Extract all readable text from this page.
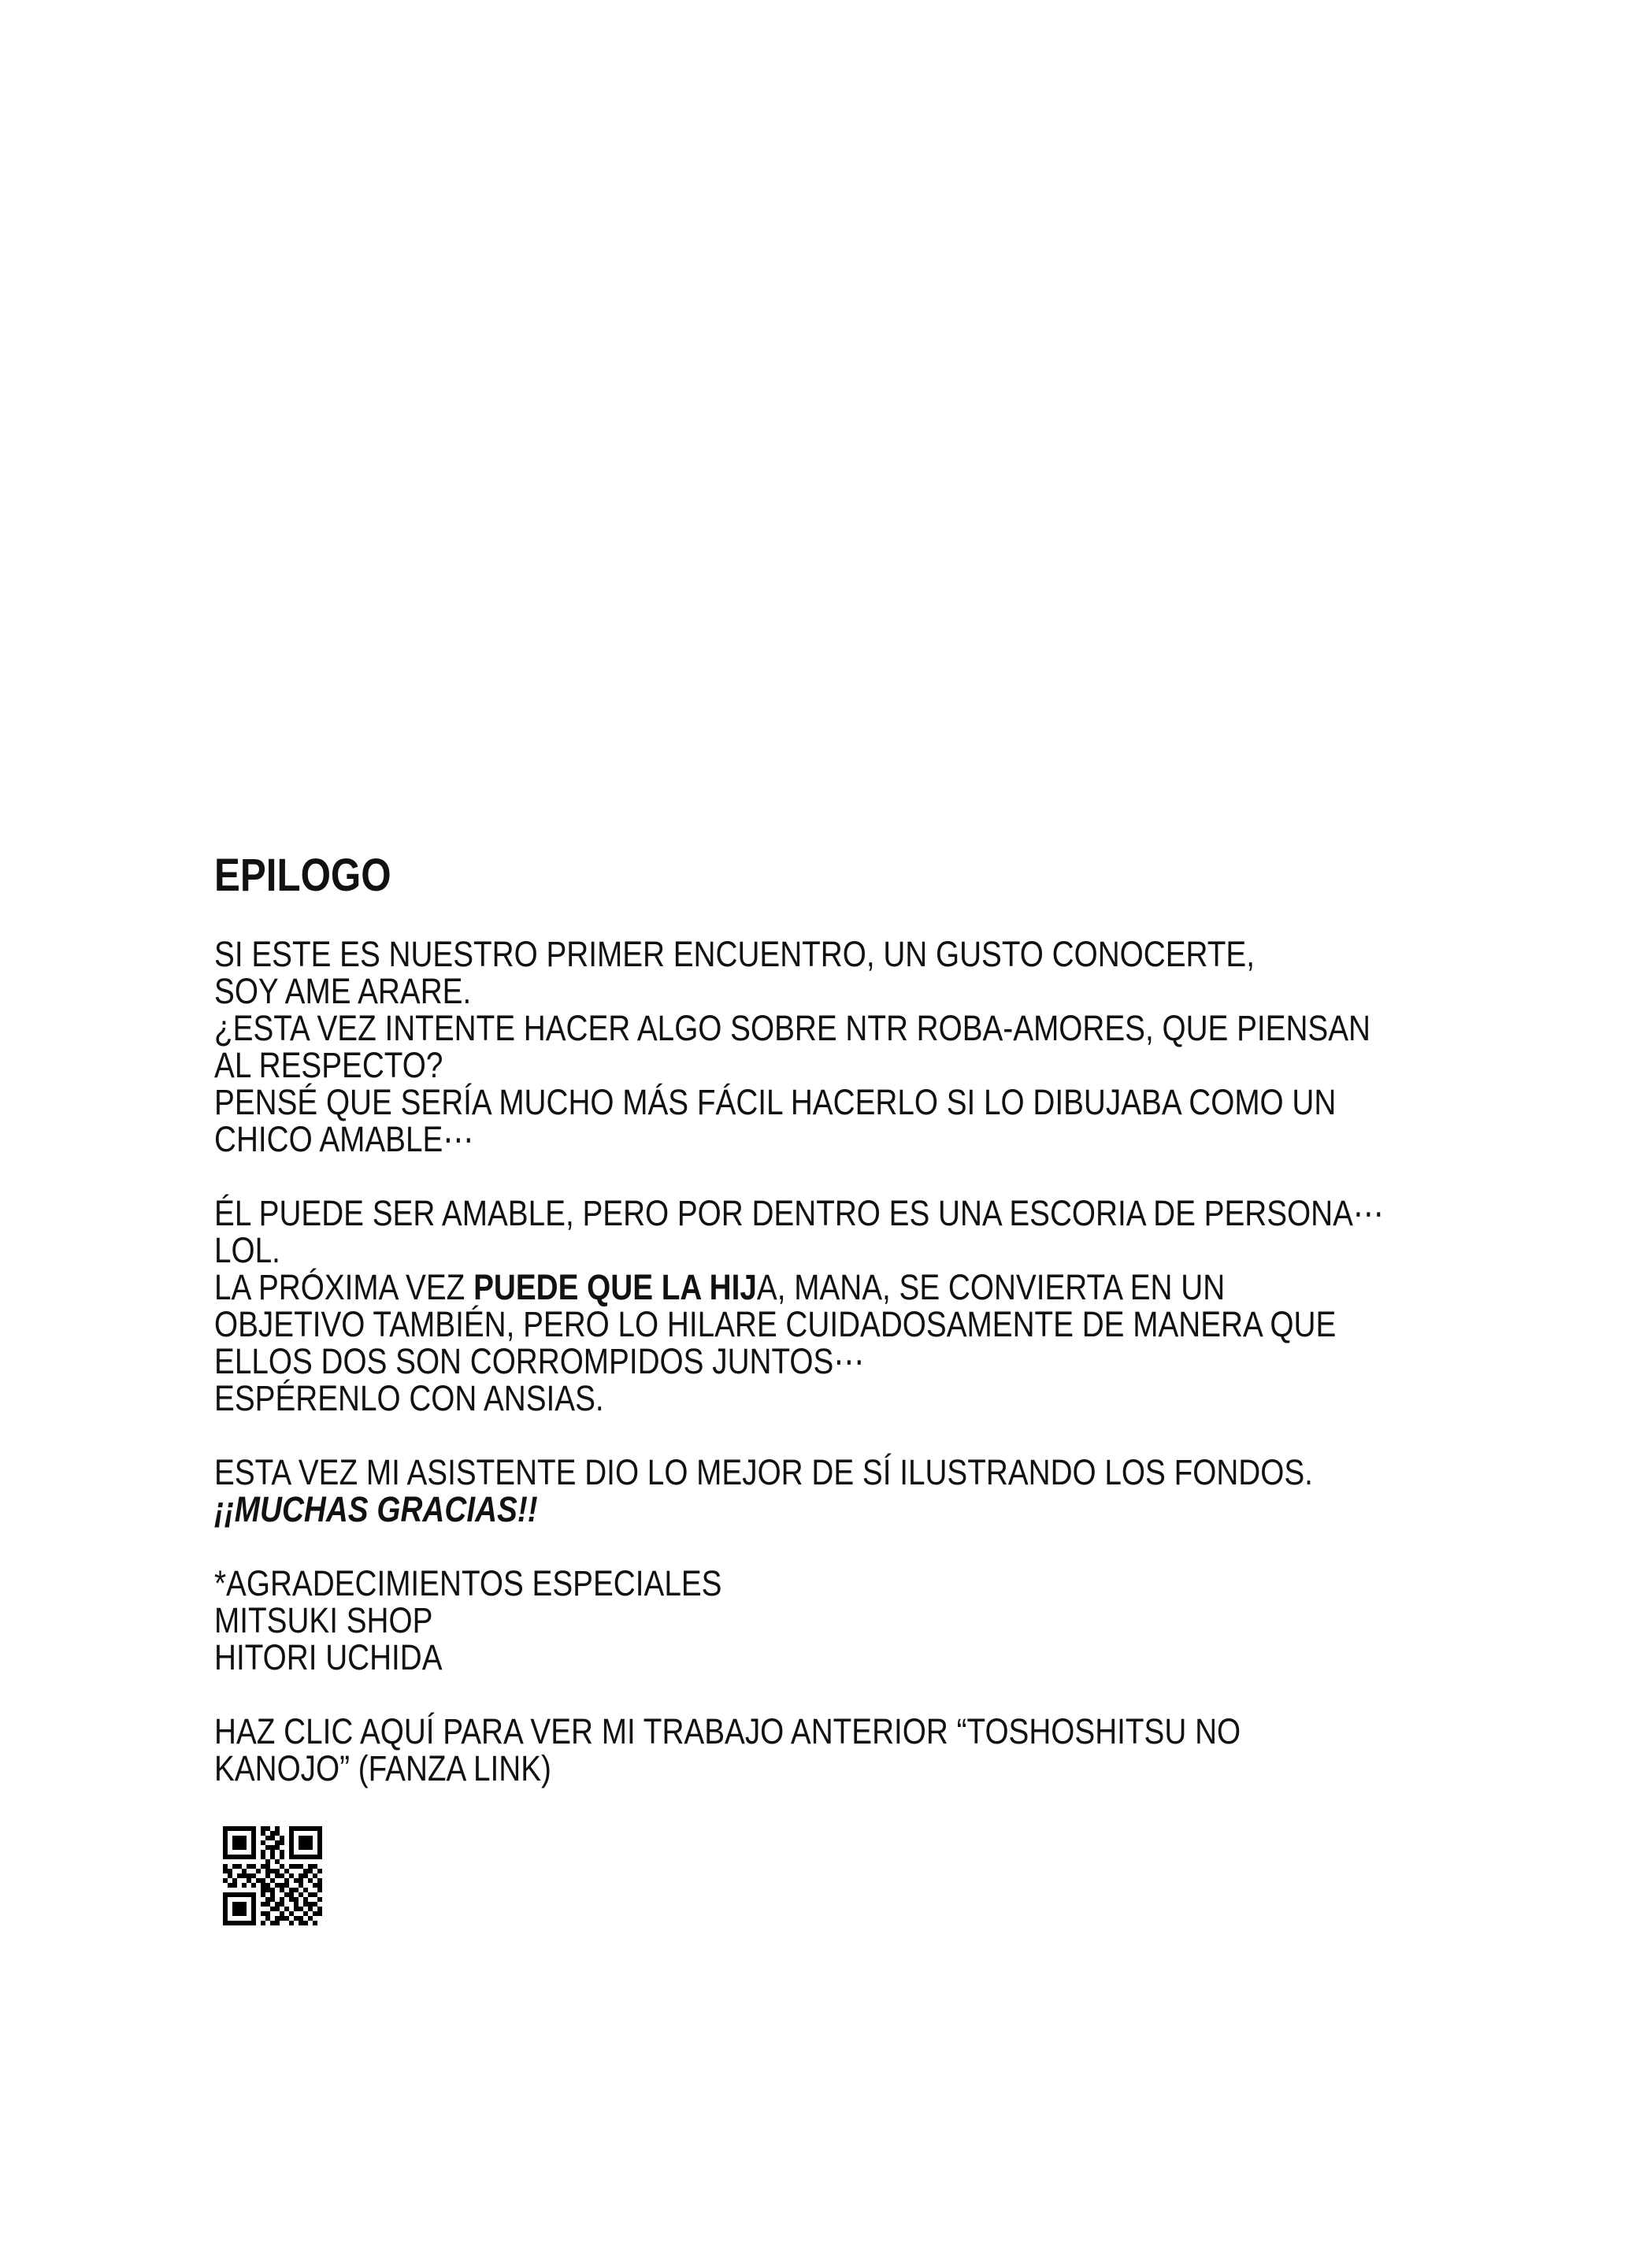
EPILOGO
SI ESTE ES NUESTRO PRIMER ENCUENTRO, UN GUSTO CONOCERTE,
SOY AME ARARE.
¿ESTA VEZ INTENTE HACER ALGO SOBRE NTR ROBA-AMORES, QUE PIENSAN
AL RESPECTO?
PENSÉ QUE SERÍA MUCHO MÁS FÁCIL HACERLO SI LO DIBUJABA COMO UN
CHICO AMABLE⋯
ÉL PUEDE SER AMABLE, PERO POR DENTRO ES UNA ESCORIA DE PERSONA⋯
LOL.
LA PRÓXIMA VEZ PUEDE QUE LA HIJA, MANA, SE CONVIERTA EN UN
OBJETIVO TAMBIÉN, PERO LO HILARE CUIDADOSAMENTE DE MANERA QUE
ELLOS DOS SON CORROMPIDOS JUNTOS⋯
ESPÉRENLO CON ANSIAS.
ESTA VEZ MI ASISTENTE DIO LO MEJOR DE SÍ ILUSTRANDO LOS FONDOS.
¡¡MUCHAS GRACIAS!!
*AGRADECIMIENTOS ESPECIALES
MITSUKI SHOP
HITORI UCHIDA
HAZ CLIC AQUÍ PARA VER MI TRABAJO ANTERIOR “TOSHOSHITSU NO
KANOJO” (FANZA LINK)
